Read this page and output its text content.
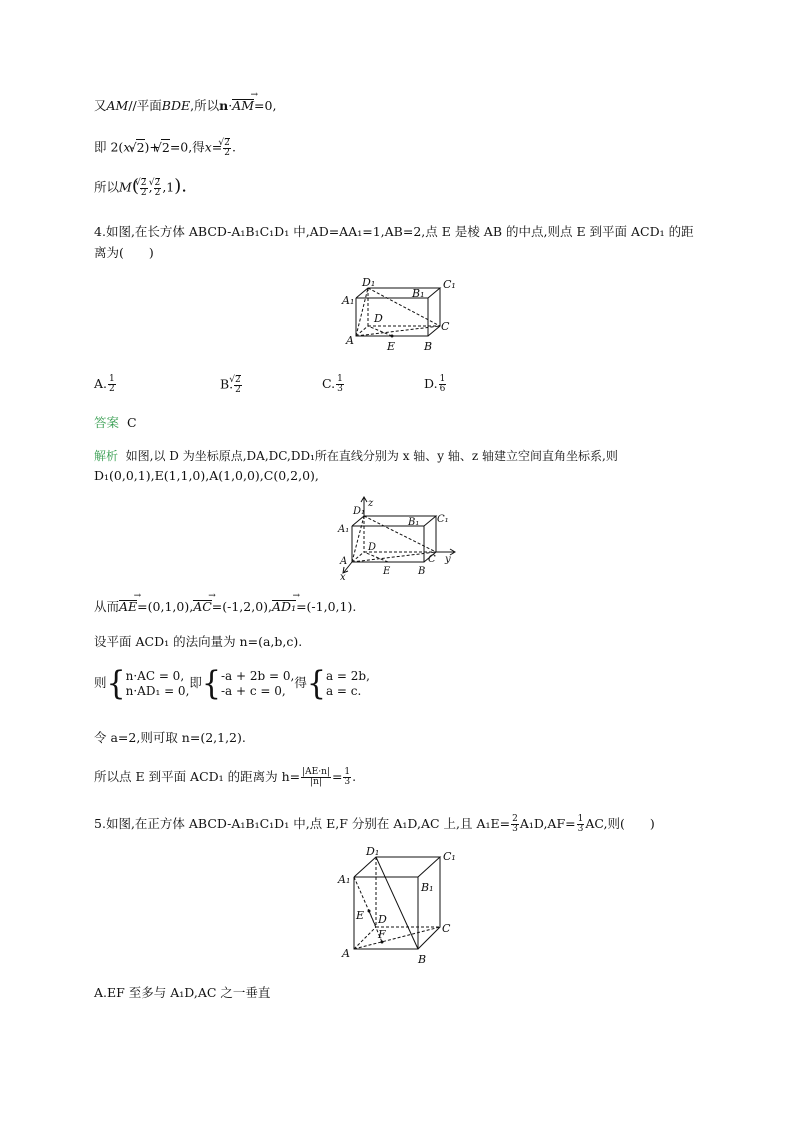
又AM//平面BDE,所以n·AM →=0,
即 2(x- √ 2)+ √ 2=0,得x= √ $\frac{2}{2}$ .
所以M( √ $\frac{2}{2}$ , √ $\frac{2}{2} ,1$).
4.如图,在长方体 ABCD-A₁B₁C₁D₁ 中,AD=AA₁=1,AB=2,点 E 是棱 AB 的中点,则点 E 到平面 ACD₁ 的距
离为(　　)
D₁	C₁
A₁
B₁
D
C
A	E	B
A. $\frac{1}{2}$	B. √ $\frac{2}{2}$	C. $\frac{1}{3}$	D. $\frac{1}{6}$
答案 C
解析 如图,以 D 为坐标原点,DA,DC,DD₁所在直线分别为 x 轴、y 轴、z 轴建立空间直角坐标系,则
D₁(0,0,1),E(1,1,0),A(1,0,0),C(0,2,0),
D₁
z
C₁
A₁
B₁
D
C y
A
x
E	B
从而AE →=(0,1,0),AC →=(-1,2,0),AD₁ →=(-1,0,1).
设平面 ACD₁ 的法向量为 n=(a,b,c).
则{n·AC = 0,
n·AD₁ = 0,即{-a + 2b = 0,
-a + c = 0,得{a = 2b,
a = c.
令 a=2,则可取 n=(2,1,2).
所以点 E 到平面 ACD₁ 的距离为 $h= \frac{|AE\cdot n|}{|n|} = \frac{1}{3}$ .
5.如图,在正方体 ABCD-A₁B₁C₁D₁ 中,点 E,F 分别在 A₁D,AC 上,且 $A_1E= \frac{2}{3} A_1D,AF= \frac{1}{3}$ AC,则(　　)
D₁	C₁
A₁
B₁
E D
F	C
A	B
A.EF 至多与 A₁D,AC 之一垂直
